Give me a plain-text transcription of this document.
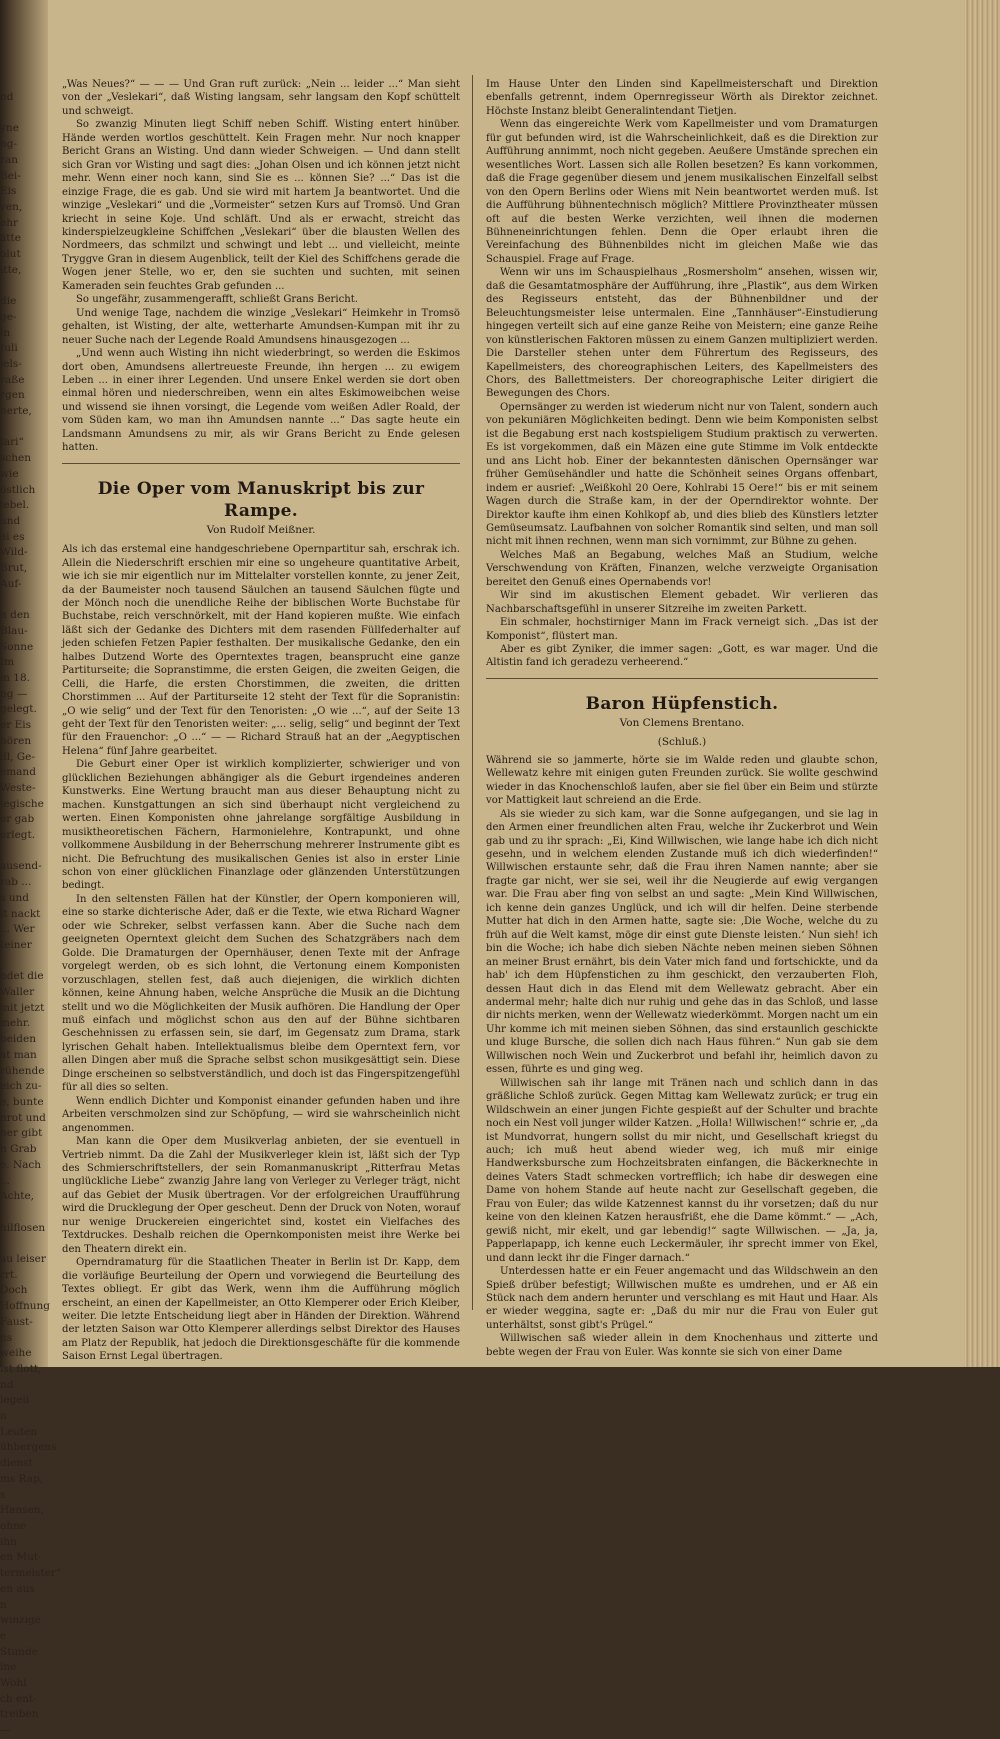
nd

yne
ng-
ran
Bei-
Eis
ven,
ehr
ätte
olut
itte,

die
ge-
in
Juli
jels-
raße
rgen
nerte,

fari“
schen
wie
östlich
lebel.
und
ei es
Wild-
Brut,
Auf-

n den
Blau-
Sonne
Im
m 18.
ng —
gelegt.
er Eis
hören
ill, Ge-
emand
Weste-
legische
er gab
erlegt.

ausend-
rab ...
s und
it nackt
... Wer
teiner

ndet die
Waller
mit jetzt
mehr.
beiden
at man
rühende
eich zu-
e, bunte
nrot und
ner gibt
n Grab
e. Nach
... Achte,

hilflosen

au leiser
rrt. Doch
Hoffnung
Faust-
ns weihe
ist flott,
nd legeli
n Leuten
ühbergens
dienst
ms Rap,
s Hansen,
ohne ihn
en Mut-
termeister“
en aus
n winzige
e Stunde
ine Wohl
ch ent-
treiben —

„Was Neues?“ — — — Und Gran ruft zurück: „Nein ... leider ...“ Man sieht von der „Veslekari“, daß Wisting langsam, sehr langsam den Kopf schüttelt und schweigt.

So zwanzig Minuten liegt Schiff neben Schiff. Wisting entert hinüber. Hände werden wortlos geschüttelt. Kein Fragen mehr. Nur noch knapper Bericht Grans an Wisting. Und dann wieder Schweigen. — Und dann stellt sich Gran vor Wisting und sagt dies: „Johan Olsen und ich können jetzt nicht mehr. Wenn einer noch kann, sind Sie es ... können Sie? ...“ Das ist die einzige Frage, die es gab. Und sie wird mit hartem Ja beantwortet. Und die winzige „Veslekari“ und die „Vormeister“ setzen Kurs auf Tromsö. Und Gran kriecht in seine Koje. Und schläft. Und als er erwacht, streicht das kinderspielzeugkleine Schiffchen „Veslekari“ über die blausten Wellen des Nordmeers, das schmilzt und schwingt und lebt ... und vielleicht, meinte Tryggve Gran in diesem Augenblick, teilt der Kiel des Schiffchens gerade die Wogen jener Stelle, wo er, den sie suchten und suchten, mit seinen Kameraden sein feuchtes Grab gefunden ...

So ungefähr, zusammengerafft, schließt Grans Bericht.

Und wenige Tage, nachdem die winzige „Veslekari“ Heimkehr in Tromsö gehalten, ist Wisting, der alte, wetterharte Amundsen-Kumpan mit ihr zu neuer Suche nach der Legende Roald Amundsens hinausgezogen ...

„Und wenn auch Wisting ihn nicht wiederbringt, so werden die Eskimos dort oben, Amundsens allertreueste Freunde, ihn hergen ... zu ewigem Leben ... in einer ihrer Legenden. Und unsere Enkel werden sie dort oben einmal hören und niederschreiben, wenn ein altes Eskimoweibchen weise und wissend sie ihnen vorsingt, die Legende vom weißen Adler Roald, der vom Süden kam, wo man ihn Amundsen nannte ...“ Das sagte heute ein Landsmann Amundsens zu mir, als wir Grans Bericht zu Ende gelesen hatten.

Die Oper vom Manuskript bis zur Rampe.
Von Rudolf Meißner.

Als ich das erstemal eine handgeschriebene Opernpartitur sah, erschrak ich. Allein die Niederschrift erschien mir eine so ungeheure quantitative Arbeit, wie ich sie mir eigentlich nur im Mittelalter vorstellen konnte, zu jener Zeit, da der Baumeister noch tausend Säulchen an tausend Säulchen fügte und der Mönch noch die unendliche Reihe der biblischen Worte Buchstabe für Buchstabe, reich verschnörkelt, mit der Hand kopieren mußte. Wie einfach läßt sich der Gedanke des Dichters mit dem rasenden Füllfederhalter auf jeden schiefen Fetzen Papier festhalten. Der musikalische Gedanke, den ein halbes Dutzend Worte des Operntextes tragen, beansprucht eine ganze Partiturseite; die Sopranstimme, die ersten Geigen, die zweiten Geigen, die Celli, die Harfe, die ersten Chorstimmen, die zweiten, die dritten Chorstimmen ... Auf der Partiturseite 12 steht der Text für die Sopranistin: „O wie selig“ und der Text für den Tenoristen: „O wie ...“, auf der Seite 13 geht der Text für den Tenoristen weiter: „... selig, selig“ und beginnt der Text für den Frauenchor: „O ...“ — — Richard Strauß hat an der „Aegyptischen Helena“ fünf Jahre gearbeitet.

Die Geburt einer Oper ist wirklich komplizierter, schwieriger und von glücklichen Beziehungen abhängiger als die Geburt irgendeines anderen Kunstwerks. Eine Wertung braucht man aus dieser Behauptung nicht zu machen. Kunstgattungen an sich sind überhaupt nicht vergleichend zu werten. Einen Komponisten ohne jahrelange sorgfältige Ausbildung in musiktheoretischen Fächern, Harmonielehre, Kontrapunkt, und ohne vollkommene Ausbildung in der Beherrschung mehrerer Instrumente gibt es nicht. Die Befruchtung des musikalischen Genies ist also in erster Linie schon von einer glücklichen Finanzlage oder glänzenden Unterstützungen bedingt.

In den seltensten Fällen hat der Künstler, der Opern komponieren will, eine so starke dichterische Ader, daß er die Texte, wie etwa Richard Wagner oder wie Schreker, selbst verfassen kann. Aber die Suche nach dem geeigneten Operntext gleicht dem Suchen des Schatzgräbers nach dem Golde. Die Dramaturgen der Opernhäuser, denen Texte mit der Anfrage vorgelegt werden, ob es sich lohnt, die Vertonung einem Komponisten vorzuschlagen, stellen fest, daß auch diejenigen, die wirklich dichten können, keine Ahnung haben, welche Ansprüche die Musik an die Dichtung stellt und wo die Möglichkeiten der Musik aufhören. Die Handlung der Oper muß einfach und möglichst schon aus den auf der Bühne sichtbaren Geschehnissen zu erfassen sein, sie darf, im Gegensatz zum Drama, stark lyrischen Gehalt haben. Intellektualismus bleibe dem Operntext fern, vor allen Dingen aber muß die Sprache selbst schon musikgesättigt sein. Diese Dinge erscheinen so selbstverständlich, und doch ist das Fingerspitzengefühl für all dies so selten.

Wenn endlich Dichter und Komponist einander gefunden haben und ihre Arbeiten verschmolzen sind zur Schöpfung, — wird sie wahrscheinlich nicht angenommen.

Man kann die Oper dem Musikverlag anbieten, der sie eventuell in Vertrieb nimmt. Da die Zahl der Musikverleger klein ist, läßt sich der Typ des Schmierschriftstellers, der sein Romanmanuskript „Ritterfrau Metas unglückliche Liebe“ zwanzig Jahre lang von Verleger zu Verleger trägt, nicht auf das Gebiet der Musik übertragen. Vor der erfolgreichen Uraufführung wird die Drucklegung der Oper gescheut. Denn der Druck von Noten, worauf nur wenige Druckereien eingerichtet sind, kostet ein Vielfaches des Textdruckes. Deshalb reichen die Opernkomponisten meist ihre Werke bei den Theatern direkt ein.

Operndramaturg für die Staatlichen Theater in Berlin ist Dr. Kapp, dem die vorläufige Beurteilung der Opern und vorwiegend die Beurteilung des Textes obliegt. Er gibt das Werk, wenn ihm die Aufführung möglich erscheint, an einen der Kapellmeister, an Otto Klemperer oder Erich Kleiber, weiter. Die letzte Entscheidung liegt aber in Händen der Direktion. Während der letzten Saison war Otto Klemperer allerdings selbst Direktor des Hauses am Platz der Republik, hat jedoch die Direktionsgeschäfte für die kommende Saison Ernst Legal übertragen.

Im Hause Unter den Linden sind Kapellmeisterschaft und Direktion ebenfalls getrennt, indem Opernregisseur Wörth als Direktor zeichnet. Höchste Instanz bleibt Generalintendant Tietjen.

Wenn das eingereichte Werk vom Kapellmeister und vom Dramaturgen für gut befunden wird, ist die Wahrscheinlichkeit, daß es die Direktion zur Aufführung annimmt, noch nicht gegeben. Aeußere Umstände sprechen ein wesentliches Wort. Lassen sich alle Rollen besetzen? Es kann vorkommen, daß die Frage gegenüber diesem und jenem musikalischen Einzelfall selbst von den Opern Berlins oder Wiens mit Nein beantwortet werden muß. Ist die Aufführung bühnentechnisch möglich? Mittlere Provinztheater müssen oft auf die besten Werke verzichten, weil ihnen die modernen Bühneneinrichtungen fehlen. Denn die Oper erlaubt ihren die Vereinfachung des Bühnenbildes nicht im gleichen Maße wie das Schauspiel. Frage auf Frage.

Wenn wir uns im Schauspielhaus „Rosmersholm“ ansehen, wissen wir, daß die Gesamtatmosphäre der Aufführung, ihre „Plastik“, aus dem Wirken des Regisseurs entsteht, das der Bühnenbildner und der Beleuchtungsmeister leise untermalen. Eine „Tannhäuser“-Einstudierung hingegen verteilt sich auf eine ganze Reihe von Meistern; eine ganze Reihe von künstlerischen Faktoren müssen zu einem Ganzen multipliziert werden. Die Darsteller stehen unter dem Führertum des Regisseurs, des Kapellmeisters, des choreographischen Leiters, des Kapellmeisters des Chors, des Ballettmeisters. Der choreographische Leiter dirigiert die Bewegungen des Chors.

Opernsänger zu werden ist wiederum nicht nur von Talent, sondern auch von pekuniären Möglichkeiten bedingt. Denn wie beim Komponisten selbst ist die Begabung erst nach kostspieligem Studium praktisch zu verwerten. Es ist vorgekommen, daß ein Mäzen eine gute Stimme im Volk entdeckte und ans Licht hob. Einer der bekanntesten dänischen Opernsänger war früher Gemüsehändler und hatte die Schönheit seines Organs offenbart, indem er ausrief: „Weißkohl 20 Oere, Kohlrabi 15 Oere!“ bis er mit seinem Wagen durch die Straße kam, in der der Operndirektor wohnte. Der Direktor kaufte ihm einen Kohlkopf ab, und dies blieb des Künstlers letzter Gemüseumsatz. Laufbahnen von solcher Romantik sind selten, und man soll nicht mit ihnen rechnen, wenn man sich vornimmt, zur Bühne zu gehen.

Welches Maß an Begabung, welches Maß an Studium, welche Verschwendung von Kräften, Finanzen, welche verzweigte Organisation bereitet den Genuß eines Opernabends vor!

Wir sind im akustischen Element gebadet. Wir verlieren das Nachbarschaftsgefühl in unserer Sitzreihe im zweiten Parkett.

Ein schmaler, hochstirniger Mann im Frack verneigt sich. „Das ist der Komponist“, flüstert man.

Aber es gibt Zyniker, die immer sagen: „Gott, es war mager. Und die Altistin fand ich geradezu verheerend.“

Baron Hüpfenstich.
Von Clemens Brentano.
(Schluß.)

Während sie so jammerte, hörte sie im Walde reden und glaubte schon, Wellewatz kehre mit einigen guten Freunden zurück. Sie wollte geschwind wieder in das Knochenschloß laufen, aber sie fiel über ein Beim und stürzte vor Mattigkeit laut schreiend an die Erde.

Als sie wieder zu sich kam, war die Sonne aufgegangen, und sie lag in den Armen einer freundlichen alten Frau, welche ihr Zuckerbrot und Wein gab und zu ihr sprach: „Ei, Kind Willwischen, wie lange habe ich dich nicht gesehn, und in welchem elenden Zustande muß ich dich wiederfinden!“ Willwischen erstaunte sehr, daß die Frau ihren Namen nannte; aber sie fragte gar nicht, wer sie sei, weil ihr die Neugierde auf ewig vergangen war. Die Frau aber fing von selbst an und sagte: „Mein Kind Willwischen, ich kenne dein ganzes Unglück, und ich will dir helfen. Deine sterbende Mutter hat dich in den Armen hatte, sagte sie: ‚Die Woche, welche du zu früh auf die Welt kamst, möge dir einst gute Dienste leisten.‘ Nun sieh! ich bin die Woche; ich habe dich sieben Nächte neben meinen sieben Söhnen an meiner Brust ernährt, bis dein Vater mich fand und fortschickte, und da hab' ich dem Hüpfenstichen zu ihm geschickt, den verzauberten Floh, dessen Haut dich in das Elend mit dem Wellewatz gebracht. Aber ein andermal mehr; halte dich nur ruhig und gehe das in das Schloß, und lasse dir nichts merken, wenn der Wellewatz wiederkömmt. Morgen nacht um ein Uhr komme ich mit meinen sieben Söhnen, das sind erstaunlich geschickte und kluge Bursche, die sollen dich nach Haus führen.“ Nun gab sie dem Willwischen noch Wein und Zuckerbrot und befahl ihr, heimlich davon zu essen, führte es und ging weg.

Willwischen sah ihr lange mit Tränen nach und schlich dann in das gräßliche Schloß zurück. Gegen Mittag kam Wellewatz zurück; er trug ein Wildschwein an einer jungen Fichte gespießt auf der Schulter und brachte noch ein Nest voll junger wilder Katzen. „Holla! Willwischen!“ schrie er, „da ist Mundvorrat, hungern sollst du mir nicht, und Gesellschaft kriegst du auch; ich muß heut abend wieder weg, ich muß mir einige Handwerksbursche zum Hochzeitsbraten einfangen, die Bäckerknechte in deines Vaters Stadt schmecken vortrefflich; ich habe dir deswegen eine Dame von hohem Stande auf heute nacht zur Gesellschaft gegeben, die Frau von Euler; das wilde Katzennest kannst du ihr vorsetzen; daß du nur keine von den kleinen Katzen herausfrißt, ehe die Dame kömmt.“ — „Ach, gewiß nicht, mir ekelt, und gar lebendig!“ sagte Willwischen. — „Ja, ja, Papperlapapp, ich kenne euch Leckermäuler, ihr sprecht immer von Ekel, und dann leckt ihr die Finger darnach.“

Unterdessen hatte er ein Feuer angemacht und das Wildschwein an den Spieß drüber befestigt; Willwischen mußte es umdrehen, und er Aß ein Stück nach dem andern herunter und verschlang es mit Haut und Haar. Als er wieder weggina, sagte er: „Daß du mir nur die Frau von Euler gut unterhältst, sonst gibt's Prügel.“

Willwischen saß wieder allein in dem Knochenhaus und zitterte und bebte wegen der Frau von Euler. Was konnte sie sich von einer Dame
